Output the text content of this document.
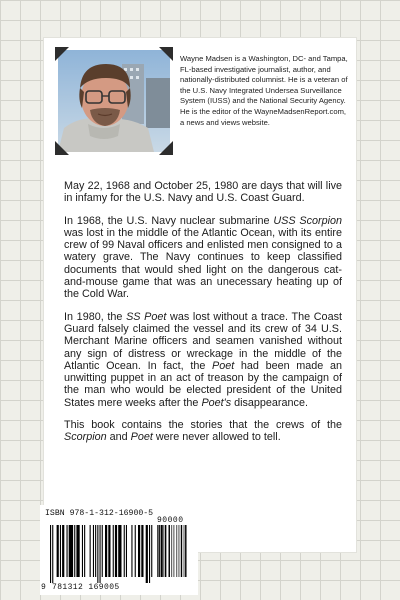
Wayne Madsen is a Washington, DC- and Tampa, FL-based investigative journalist, author, and nationally-distributed columnist. He is a veteran of the U.S. Navy Integrated Undersea Surveillance System (IUSS) and the National Security Agency. He is the editor of the WayneMadsenReport.com, a news and views website.

May 22, 1968 and October 25, 1980 are days that will live in infamy for the U.S. Navy and U.S. Coast Guard.

In 1968, the U.S. Navy nuclear submarine USS Scorpion was lost in the middle of the Atlantic Ocean, with its entire crew of 99 Naval officers and enlisted men consigned to a watery grave. The Navy continues to keep classified documents that would shed light on the dangerous cat-and-mouse game that was an unecessary heating up of the Cold War.

In 1980, the SS Poet was lost without a trace. The Coast Guard falsely claimed the vessel and its crew of 34 U.S. Merchant Marine officers and seamen vanished without any sign of distress or wreckage in the middle of the Atlantic Ocean. In fact, the Poet had been made an unwitting puppet in an act of treason by the campaign of the man who would be elected president of the United States mere weeks after the Poet's disappearance.

This book contains the stories that the crews of the Scorpion and Poet were never allowed to tell.

ISBN 978-1-312-16900-5
90000
9 781312 169005
